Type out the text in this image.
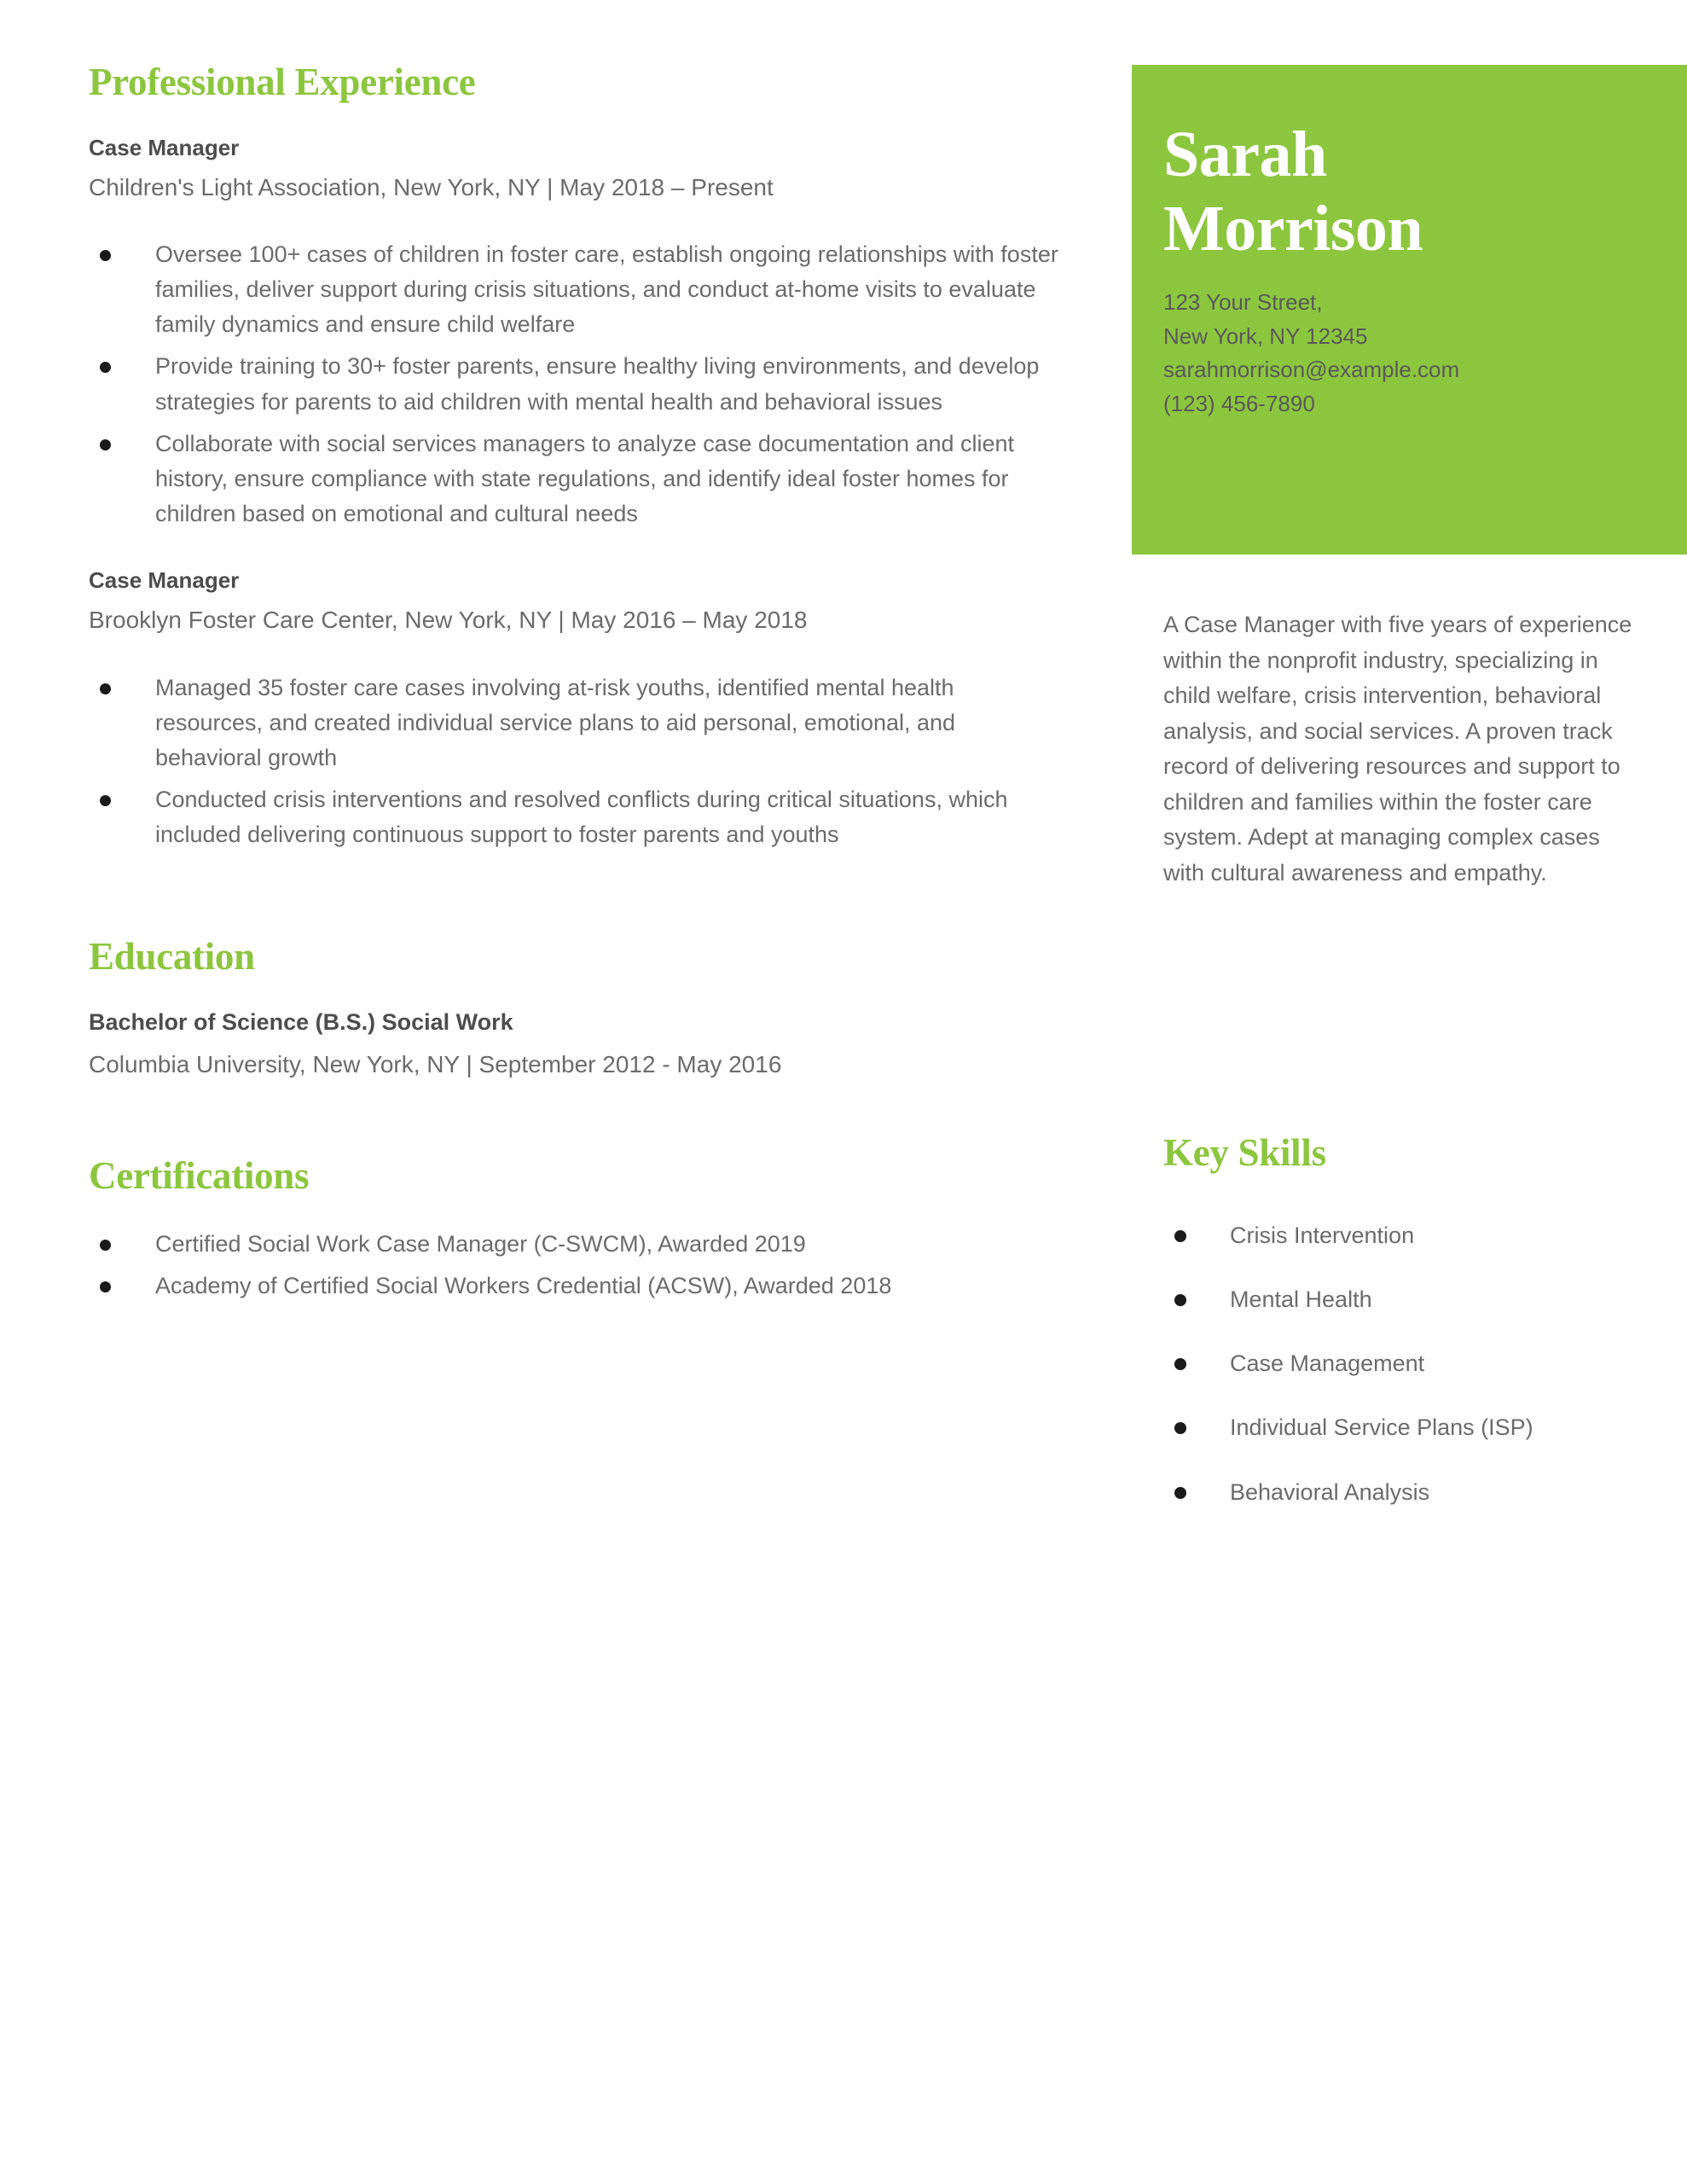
Professional Experience
Case Manager
Children's Light Association, New York, NY | May 2018 – Present
Oversee 100+ cases of children in foster care, establish ongoing relationships with foster families, deliver support during crisis situations, and conduct at-home visits to evaluate family dynamics and ensure child welfare
Provide training to 30+ foster parents, ensure healthy living environments, and develop strategies for parents to aid children with mental health and behavioral issues
Collaborate with social services managers to analyze case documentation and client history, ensure compliance with state regulations, and identify ideal foster homes for children based on emotional and cultural needs
Case Manager
Brooklyn Foster Care Center, New York, NY | May 2016 – May 2018
Managed 35 foster care cases involving at-risk youths, identified mental health resources, and created individual service plans to aid personal, emotional, and behavioral growth
Conducted crisis interventions and resolved conflicts during critical situations, which included delivering continuous support to foster parents and youths
Education
Bachelor of Science (B.S.) Social Work
Columbia University, New York, NY | September 2012 - May 2016
Certifications
Certified Social Work Case Manager (C-SWCM), Awarded 2019
Academy of Certified Social Workers Credential (ACSW), Awarded 2018
Sarah
Morrison
123 Your Street,
New York, NY 12345
sarahmorrison@example.com
(123) 456-7890

A Case Manager with five years of experience within the nonprofit industry, specializing in child welfare, crisis intervention, behavioral analysis, and social services. A proven track record of delivering resources and support to children and families within the foster care system. Adept at managing complex cases with cultural awareness and empathy.

Key Skills
Crisis Intervention
Mental Health
Case Management
Individual Service Plans (ISP)
Behavioral Analysis
